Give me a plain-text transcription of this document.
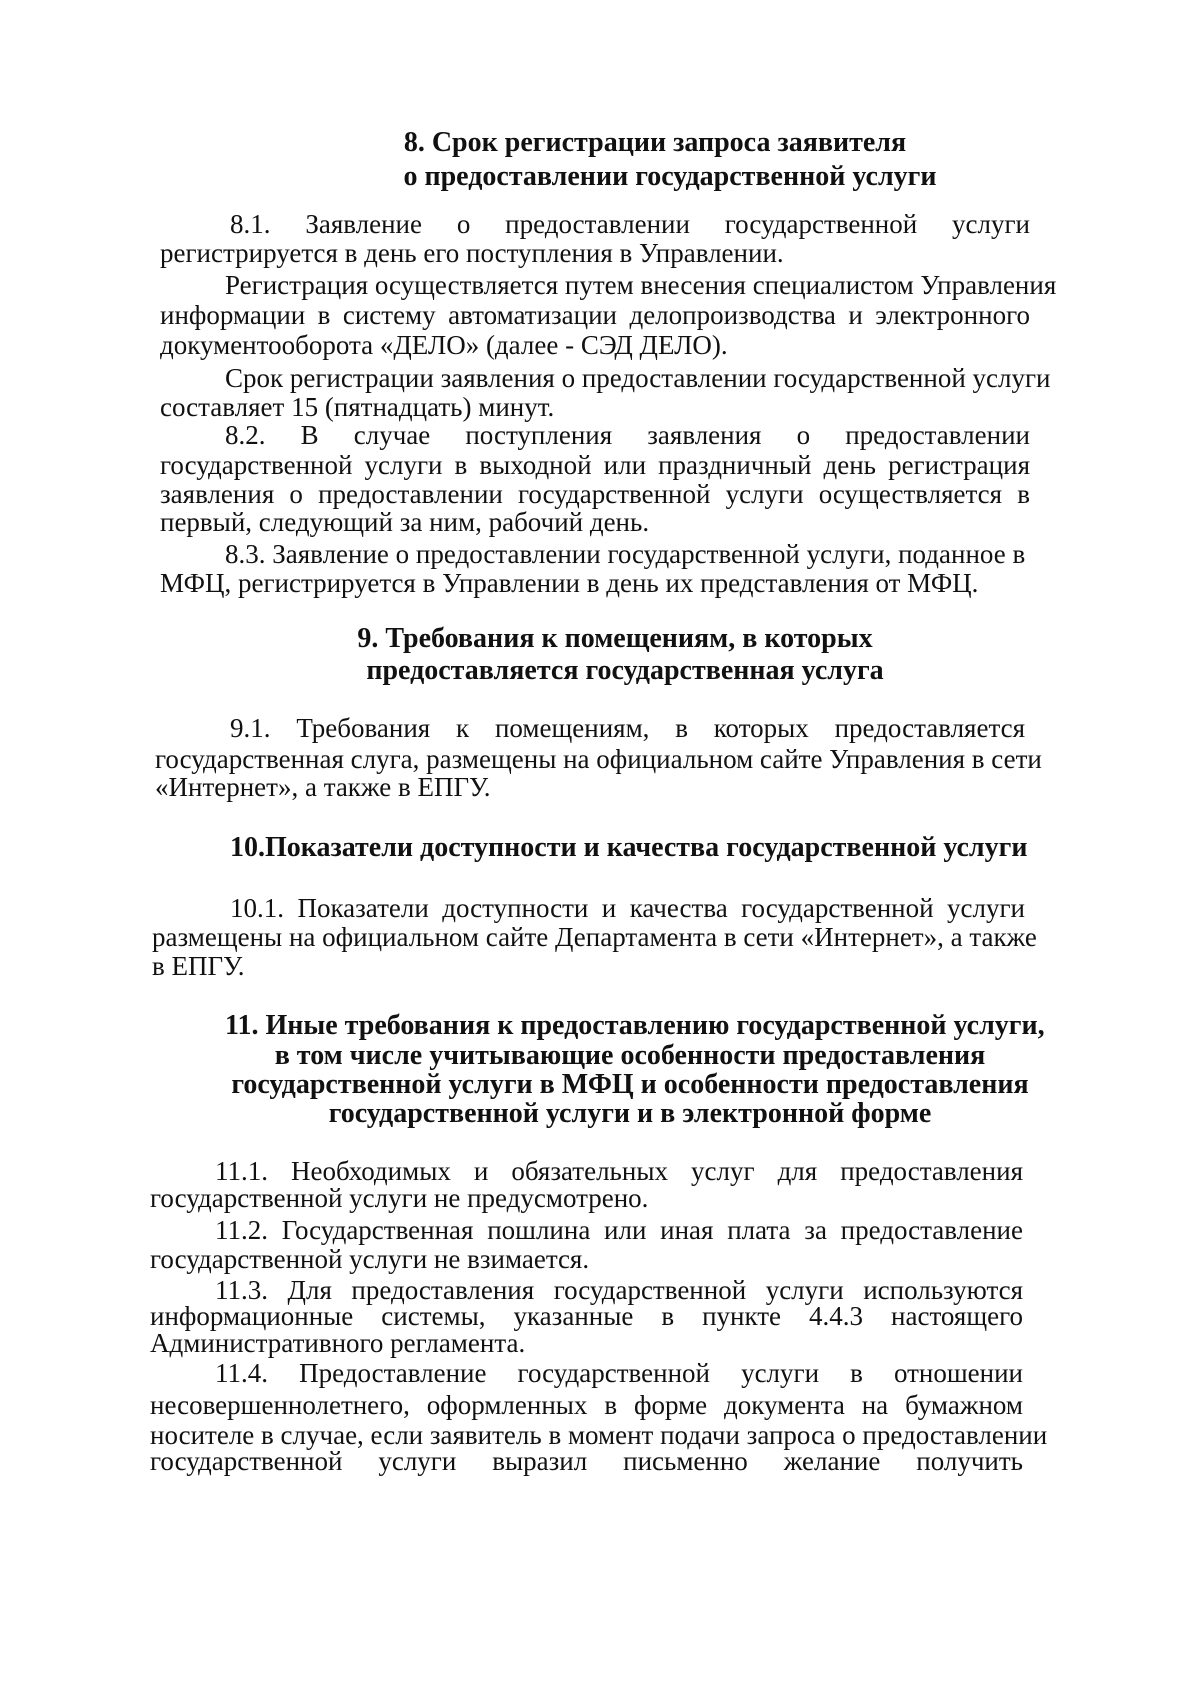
8. Срок регистрации запроса заявителя
о предоставлении государственной услуги
8.1. Заявление о предоставлении государственной услуги
регистрируется в день его поступления в Управлении.
Регистрация осуществляется путем внесения специалистом Управления
информации в систему автоматизации делопроизводства и электронного
документооборота «ДЕЛО» (далее - СЭД ДЕЛО).
Срок регистрации заявления о предоставлении государственной услуги
составляет 15 (пятнадцать) минут.
8.2. В случае поступления заявления о предоставлении
государственной услуги в выходной или праздничный день регистрация
заявления о предоставлении государственной услуги осуществляется в
первый, следующий за ним, рабочий день.
8.3. Заявление о предоставлении государственной услуги, поданное в
МФЦ, регистрируется в Управлении в день их представления от МФЦ.
9. Требования к помещениям, в которых
предоставляется государственная услуга
9.1. Требования к помещениям, в которых предоставляется
государственная слуга, размещены на официальном сайте Управления в сети
«Интернет», а также в ЕПГУ.
10.Показатели доступности и качества государственной услуги
10.1. Показатели доступности и качества государственной услуги
размещены на официальном сайте Департамента в сети «Интернет», а также
в ЕПГУ.
11. Иные требования к предоставлению государственной услуги,
в том числе учитывающие особенности предоставления
государственной услуги в МФЦ и особенности предоставления
государственной услуги и в электронной форме
11.1. Необходимых и обязательных услуг для предоставления
государственной услуги не предусмотрено.
11.2. Государственная пошлина или иная плата за предоставление
государственной услуги не взимается.
11.3. Для предоставления государственной услуги используются
информационные системы, указанные в пункте 4.4.3 настоящего
Административного регламента.
11.4. Предоставление государственной услуги в отношении
несовершеннолетнего, оформленных в форме документа на бумажном
носителе в случае, если заявитель в момент подачи запроса о предоставлении
государственной услуги выразил письменно желание получить
